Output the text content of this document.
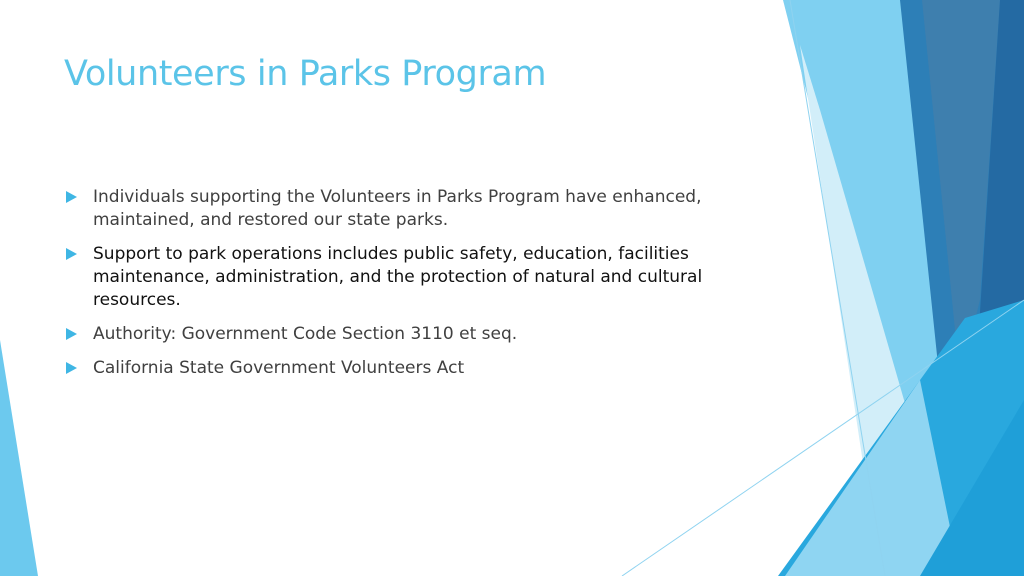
Volunteers in Parks Program
Individuals supporting the Volunteers in Parks Program have enhanced, maintained, and restored our state parks.
Support to park operations includes public safety, education, facilities maintenance, administration, and the protection of natural and cultural resources.
Authority: Government Code Section 3110 et seq.
California State Government Volunteers Act
